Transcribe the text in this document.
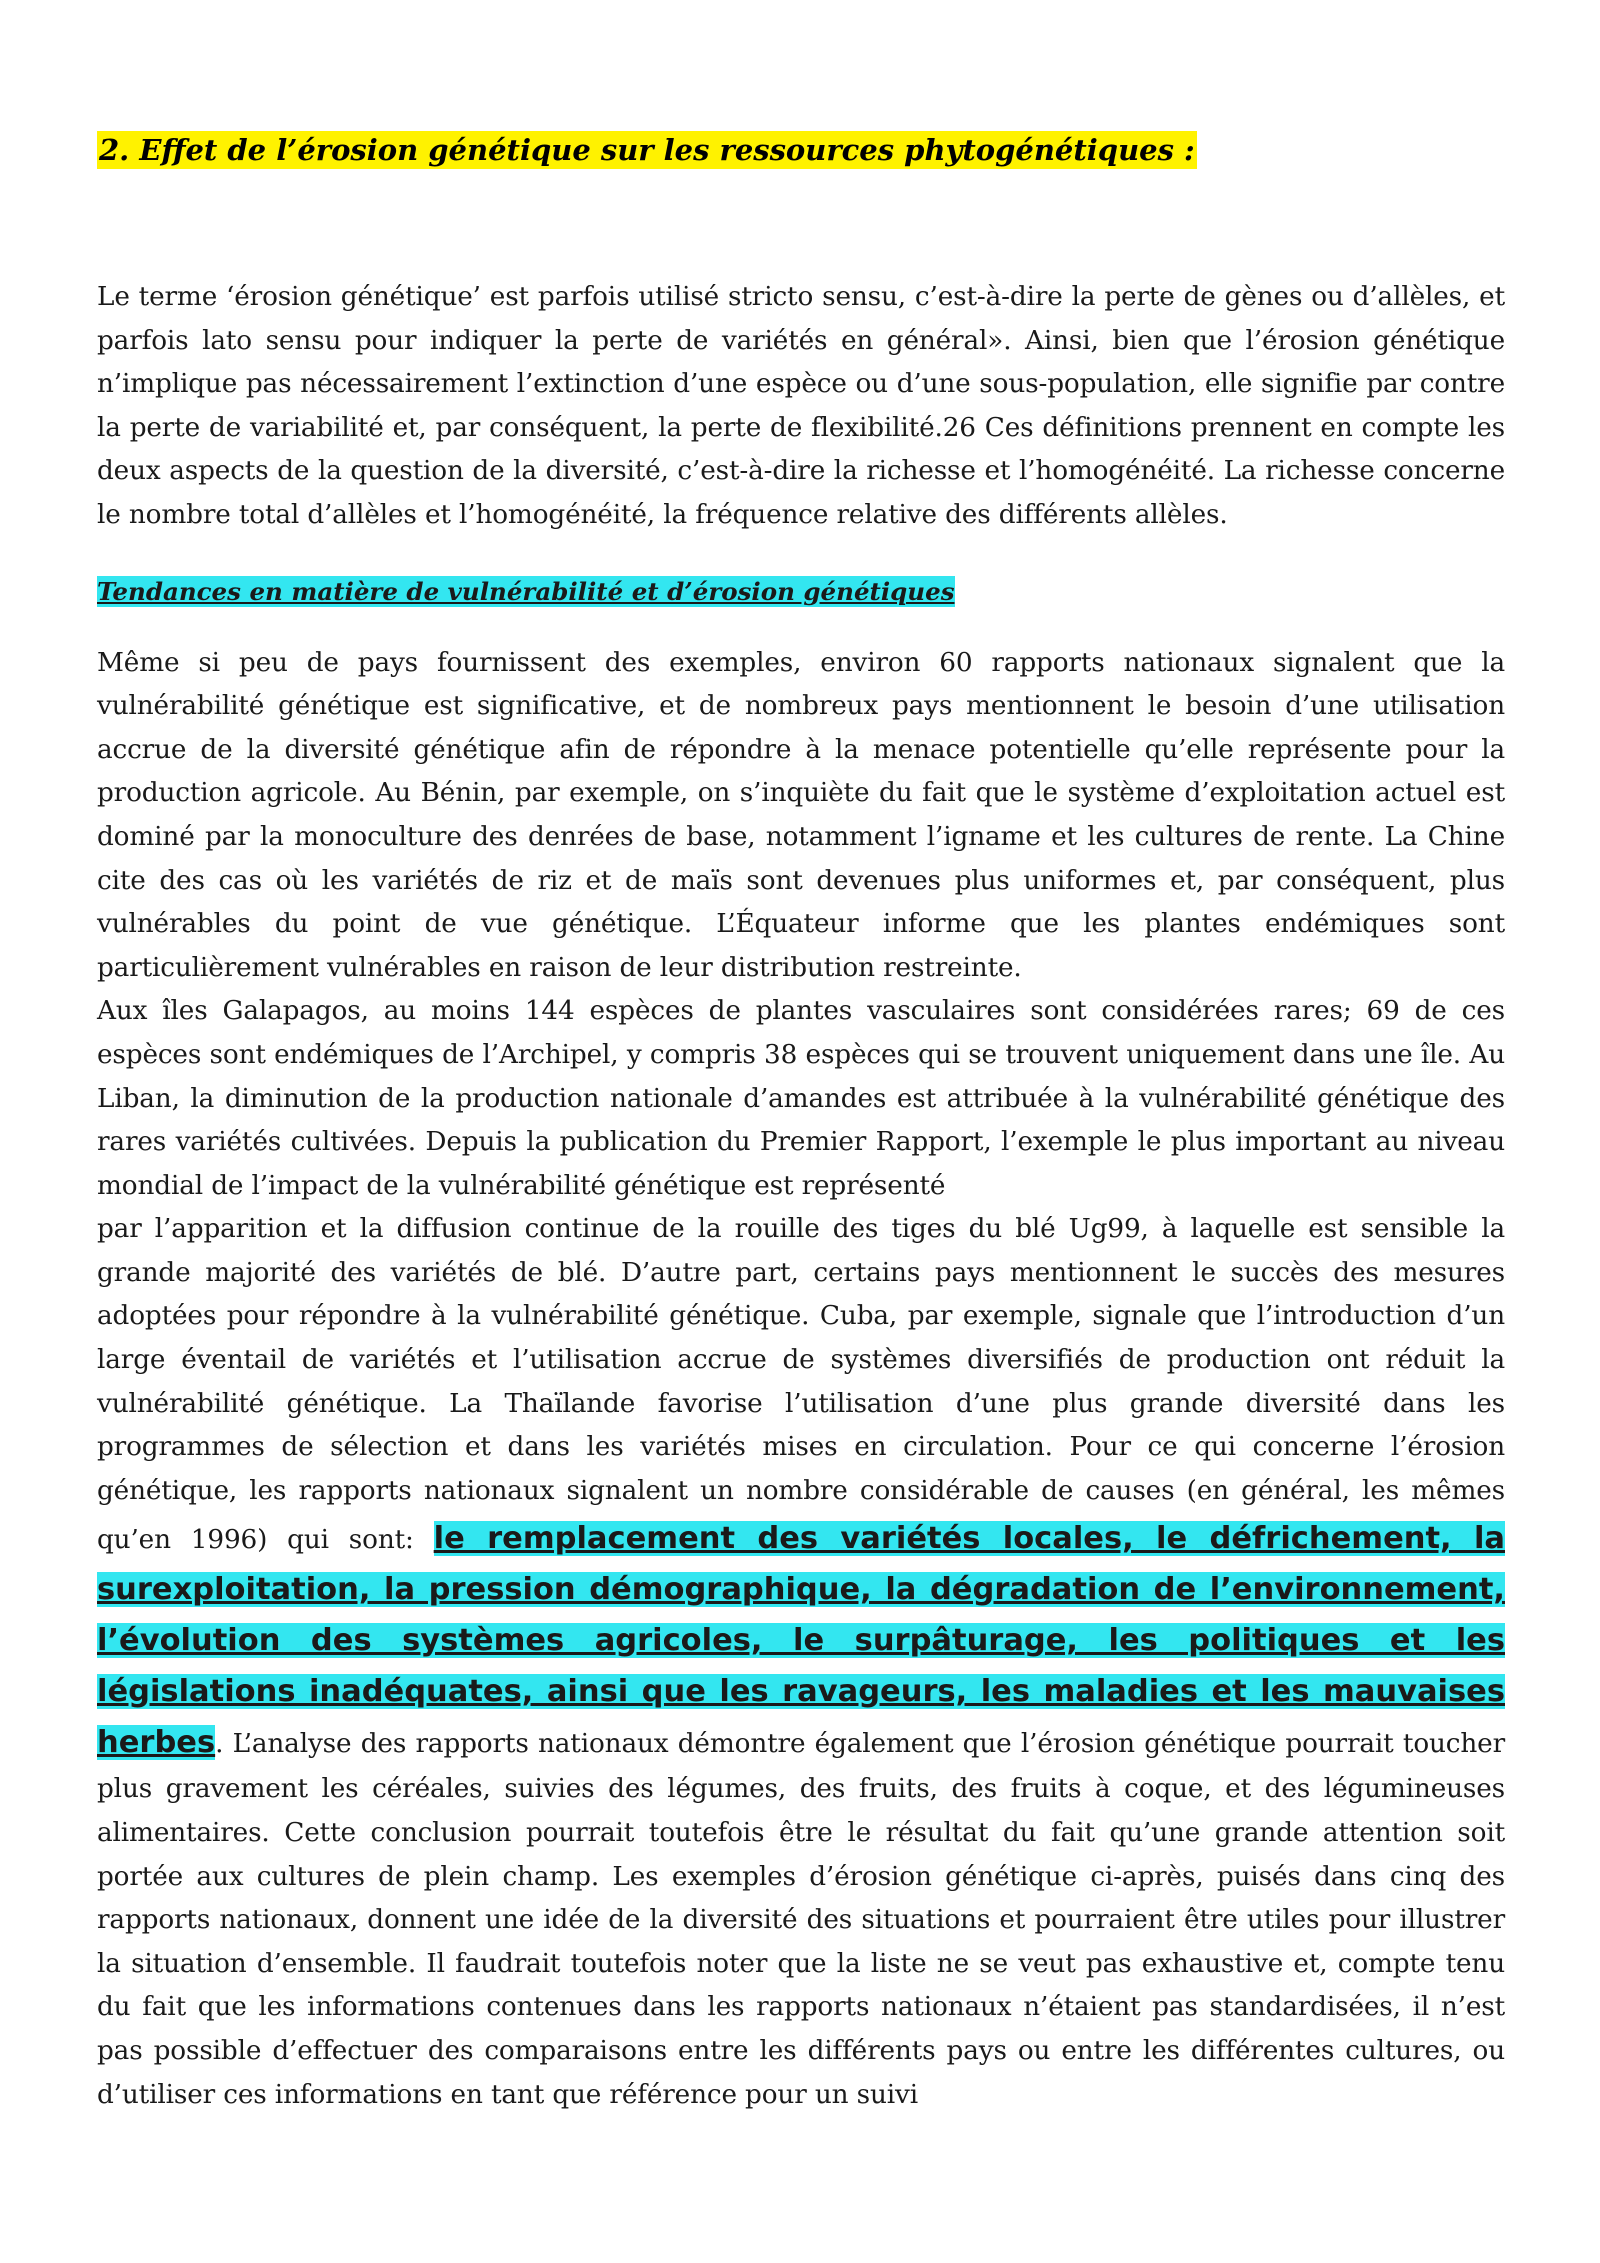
2. Effet de l’érosion génétique sur les ressources phytogénétiques :

Le terme ‘érosion génétique’ est parfois utilisé stricto sensu, c’est-à-dire la perte de gènes ou d’allèles, et parfois lato sensu pour indiquer la perte de variétés en général». Ainsi, bien que l’érosion génétique n’implique pas nécessairement l’extinction d’une espèce ou d’une sous-population, elle signifie par contre la perte de variabilité et, par conséquent, la perte de flexibilité.26 Ces définitions prennent en compte les deux aspects de la question de la diversité, c’est-à-dire la richesse et l’homogénéité. La richesse concerne le nombre total d’allèles et l’homogénéité, la fréquence relative des différents allèles.

Tendances en matière de vulnérabilité et d’érosion génétiques

Même si peu de pays fournissent des exemples, environ 60 rapports nationaux signalent que la vulnérabilité génétique est significative, et de nombreux pays mentionnent le besoin d’une utilisation accrue de la diversité génétique afin de répondre à la menace potentielle qu’elle représente pour la production agricole. Au Bénin, par exemple, on s’inquiète du fait que le système d’exploitation actuel est dominé par la monoculture des denrées de base, notamment l’igname et les cultures de rente. La Chine cite des cas où les variétés de riz et de maïs sont devenues plus uniformes et, par conséquent, plus vulnérables du point de vue génétique. L’Équateur informe que les plantes endémiques sont particulièrement vulnérables en raison de leur distribution restreinte.

Aux îles Galapagos, au moins 144 espèces de plantes vasculaires sont considérées rares; 69 de ces espèces sont endémiques de l’Archipel, y compris 38 espèces qui se trouvent uniquement dans une île. Au Liban, la diminution de la production nationale d’amandes est attribuée à la vulnérabilité génétique des rares variétés cultivées. Depuis la publication du Premier Rapport, l’exemple le plus important au niveau mondial de l’impact de la vulnérabilité génétique est représenté
par l’apparition et la diffusion continue de la rouille des tiges du blé Ug99, à laquelle est sensible la grande majorité des variétés de blé. D’autre part, certains pays mentionnent le succès des mesures adoptées pour répondre à la vulnérabilité génétique. Cuba, par exemple, signale que l’introduction d’un large éventail de variétés et l’utilisation accrue de systèmes diversifiés de production ont réduit la vulnérabilité génétique. La Thaïlande favorise l’utilisation d’une plus grande diversité dans les programmes de sélection et dans les variétés mises en circulation. Pour ce qui concerne l’érosion génétique, les rapports nationaux signalent un nombre considérable de causes (en général, les mêmes qu’en 1996) qui sont: le remplacement des variétés locales, le défrichement, la surexploitation, la pression démographique, la dégradation de l’environnement, l’évolution des systèmes agricoles, le surpâturage, les politiques et les législations inadéquates, ainsi que les ravageurs, les maladies et les mauvaises herbes. L’analyse des rapports nationaux démontre également que l’érosion génétique pourrait toucher plus gravement les céréales, suivies des légumes, des fruits, des fruits à coque, et des légumineuses alimentaires. Cette conclusion pourrait toutefois être le résultat du fait qu’une grande attention soit portée aux cultures de plein champ. Les exemples d’érosion génétique ci-après, puisés dans cinq des rapports nationaux, donnent une idée de la diversité des situations et pourraient être utiles pour illustrer la situation d’ensemble. Il faudrait toutefois noter que la liste ne se veut pas exhaustive et, compte tenu du fait que les informations contenues dans les rapports nationaux n’étaient pas standardisées, il n’est pas possible d’effectuer des comparaisons entre les différents pays ou entre les différentes cultures, ou d’utiliser ces informations en tant que référence pour un suivi
